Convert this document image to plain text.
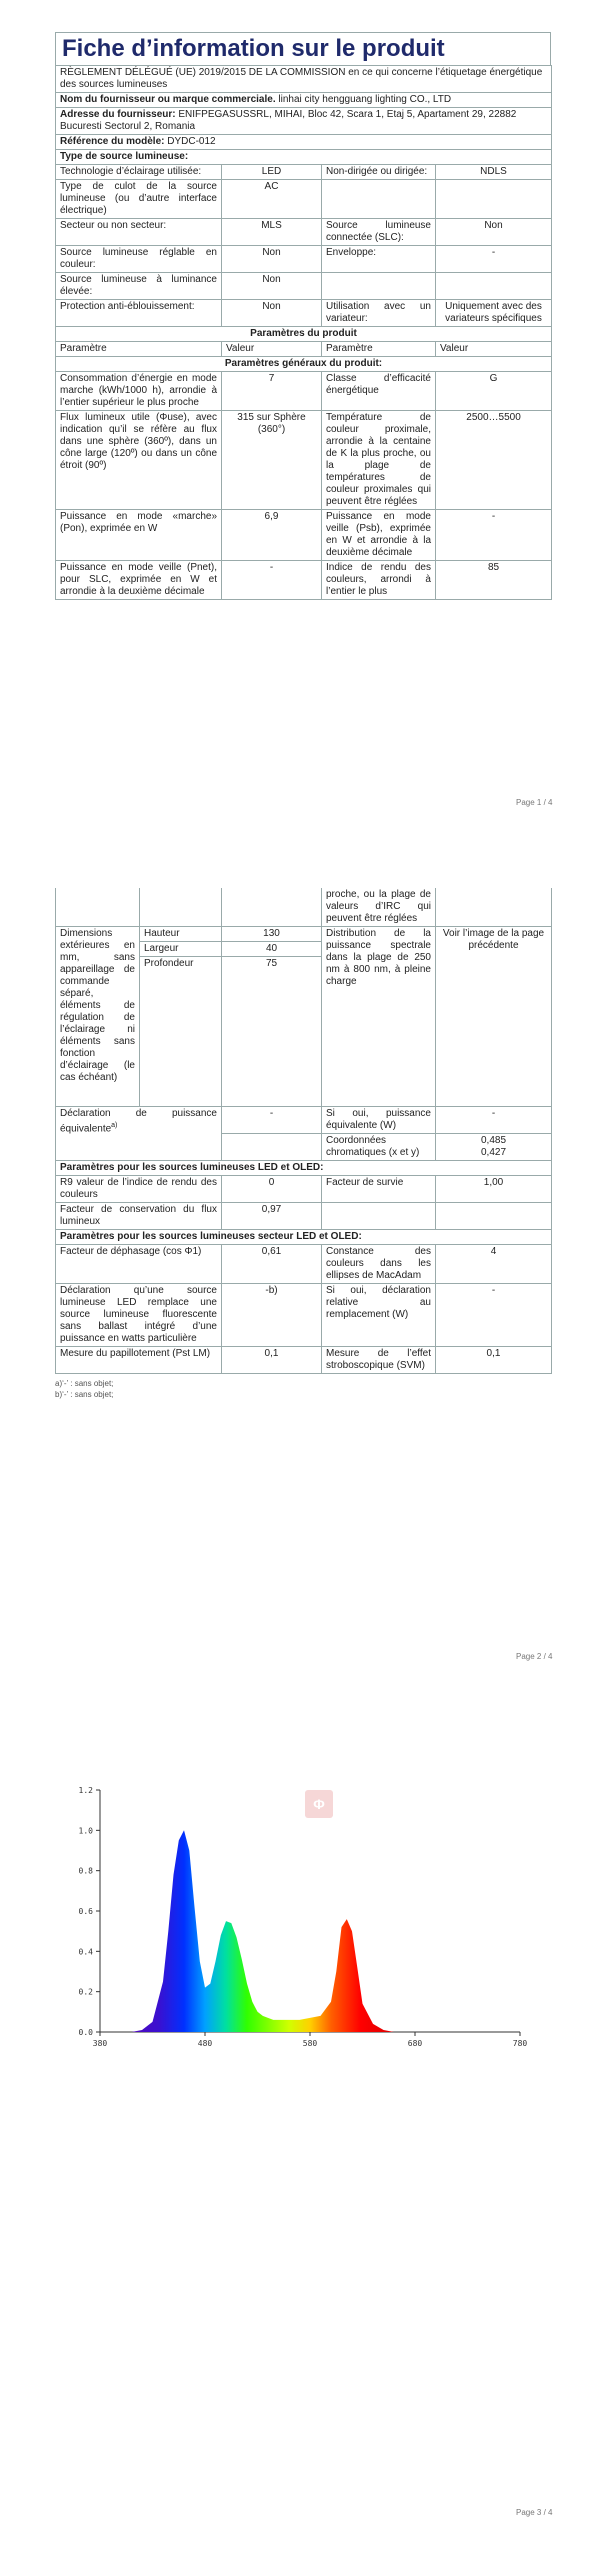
Fiche d’information sur le produit
RÈGLEMENT DÉLÉGUÉ (UE) 2019/2015 DE LA COMMISSION en ce qui concerne l’étiquetage énergétique des sources lumineuses			
Nom du fournisseur ou marque commerciale. linhai city hengguang lighting CO., LTD			
Adresse du fournisseur: ENIFPEGASUSSRL, MIHAI, Bloc 42, Scara 1, Etaj 5, Apartament 29, 22882 Bucuresti Sectorul 2, Romania			
Référence du modèle: DYDC-012			
Type de source lumineuse:			
Technologie d’éclairage utilisée:	LED	Non-dirigée ou dirigée:	NDLS
Type de culot de la source lumineuse (ou d’autre interface électrique)	AC		
Secteur ou non secteur:	MLS	Source lumineuse connectée (SLC):	Non
Source lumineuse réglable en couleur:	Non	Enveloppe:	-
Source lumineuse à luminance élevée:	Non		
Protection anti-éblouissement:	Non	Utilisation avec un variateur:	Uniquement avec des variateurs spécifiques
Paramètres du produit			
Paramètre	Valeur	Paramètre	Valeur
Paramètres généraux du produit:			
Consommation d’énergie en mode marche (kWh/1000 h), arrondie à l’entier supérieur le plus proche	7	Classe d’efficacité énergétique	G
Flux lumineux utile (Φuse), avec indication qu’il se réfère au flux dans une sphère (360º), dans un cône large (120º) ou dans un cône étroit (90º)	315 sur Sphère (360°)	Température de couleur proximale, arrondie à la centaine de K la plus proche, ou la plage de températures de couleur proximales qui peuvent être réglées	2500…5500
Puissance en mode «marche» (Pon), exprimée en W	6,9	Puissance en mode veille (Psb), exprimée en W et arrondie à la deuxième décimale	-
Puissance en mode veille (Pnet), pour SLC, exprimée en W et arrondie à la deuxième décimale	-	Indice de rendu des couleurs, arrondi à l’entier le plus	85
Page 1 / 4
			proche, ou la plage de valeurs d’IRC qui peuvent être réglées	
Dimensions extérieures en mm, sans appareillage de commande séparé, éléments de régulation de l’éclairage ni éléments sans fonction d’éclairage (le cas échéant)	Hauteur	130	Distribution de la puissance spectrale dans la plage de 250 nm à 800 nm, à pleine charge	Voir l’image de la page précédente
	Largeur	40		
	Profondeur	75		
Déclaration de puissance équivalente$^{a)}$		-	Si oui, puissance équivalente (W)	-
			Coordonnées chromatiques (x et y)	0,485
0,427

Paramètres pour les sources lumineuses LED et OLED:				
R9 valeur de l’indice de rendu des couleurs		0	Facteur de survie	1,00
Facteur de conservation du flux lumineux		0,97		
Paramètres pour les sources lumineuses secteur LED et OLED:				
Facteur de déphasage (cos Φ1)		0,61	Constance des couleurs dans les ellipses de MacAdam	4
Déclaration qu’une source lumineuse LED remplace une source lumineuse fluorescente sans ballast intégré d’une puissance en watts particulière		-b)	Si oui, déclaration relative au remplacement (W)	-
Mesure du papillotement (Pst LM)		0,1	Mesure de l’effet stroboscopique (SVM)	0,1
a)‘-’ : sans objet;
b)‘-’ : sans objet;
Page 2 / 4
Φ
0.0
0.2
0.4
0.6
0.8
1.0
1.2
380	480	580	680	780
Page 3 / 4
